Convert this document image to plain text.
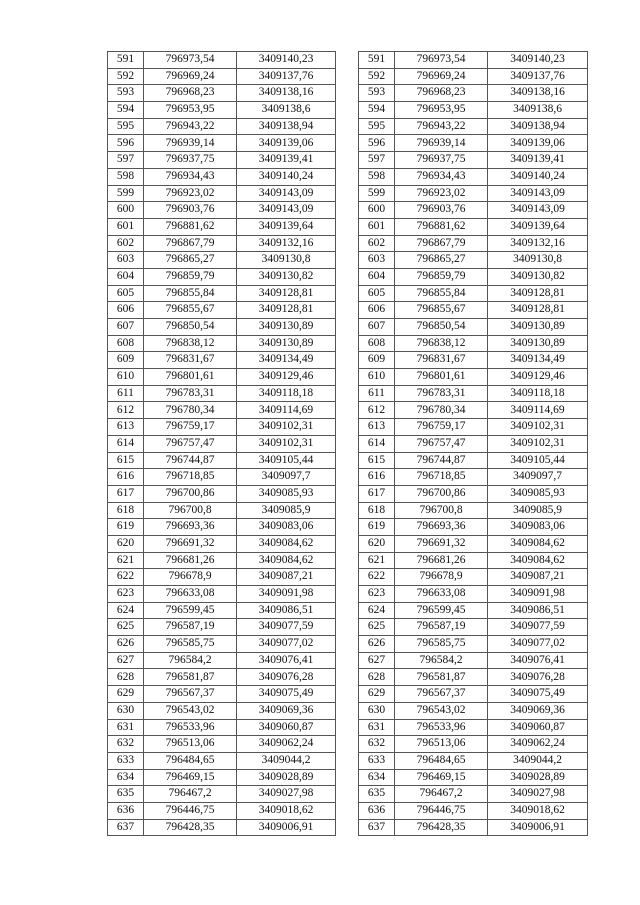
591	796973,54	3409140,23
592	796969,24	3409137,76
593	796968,23	3409138,16
594	796953,95	3409138,6
595	796943,22	3409138,94
596	796939,14	3409139,06
597	796937,75	3409139,41
598	796934,43	3409140,24
599	796923,02	3409143,09
600	796903,76	3409143,09
601	796881,62	3409139,64
602	796867,79	3409132,16
603	796865,27	3409130,8
604	796859,79	3409130,82
605	796855,84	3409128,81
606	796855,67	3409128,81
607	796850,54	3409130,89
608	796838,12	3409130,89
609	796831,67	3409134,49
610	796801,61	3409129,46
611	796783,31	3409118,18
612	796780,34	3409114,69
613	796759,17	3409102,31
614	796757,47	3409102,31
615	796744,87	3409105,44
616	796718,85	3409097,7
617	796700,86	3409085,93
618	796700,8	3409085,9
619	796693,36	3409083,06
620	796691,32	3409084,62
621	796681,26	3409084,62
622	796678,9	3409087,21
623	796633,08	3409091,98
624	796599,45	3409086,51
625	796587,19	3409077,59
626	796585,75	3409077,02
627	796584,2	3409076,41
628	796581,87	3409076,28
629	796567,37	3409075,49
630	796543,02	3409069,36
631	796533,96	3409060,87
632	796513,06	3409062,24
633	796484,65	3409044,2
634	796469,15	3409028,89
635	796467,2	3409027,98
636	796446,75	3409018,62
637	796428,35	3409006,91
591	796973,54	3409140,23
592	796969,24	3409137,76
593	796968,23	3409138,16
594	796953,95	3409138,6
595	796943,22	3409138,94
596	796939,14	3409139,06
597	796937,75	3409139,41
598	796934,43	3409140,24
599	796923,02	3409143,09
600	796903,76	3409143,09
601	796881,62	3409139,64
602	796867,79	3409132,16
603	796865,27	3409130,8
604	796859,79	3409130,82
605	796855,84	3409128,81
606	796855,67	3409128,81
607	796850,54	3409130,89
608	796838,12	3409130,89
609	796831,67	3409134,49
610	796801,61	3409129,46
611	796783,31	3409118,18
612	796780,34	3409114,69
613	796759,17	3409102,31
614	796757,47	3409102,31
615	796744,87	3409105,44
616	796718,85	3409097,7
617	796700,86	3409085,93
618	796700,8	3409085,9
619	796693,36	3409083,06
620	796691,32	3409084,62
621	796681,26	3409084,62
622	796678,9	3409087,21
623	796633,08	3409091,98
624	796599,45	3409086,51
625	796587,19	3409077,59
626	796585,75	3409077,02
627	796584,2	3409076,41
628	796581,87	3409076,28
629	796567,37	3409075,49
630	796543,02	3409069,36
631	796533,96	3409060,87
632	796513,06	3409062,24
633	796484,65	3409044,2
634	796469,15	3409028,89
635	796467,2	3409027,98
636	796446,75	3409018,62
637	796428,35	3409006,91
